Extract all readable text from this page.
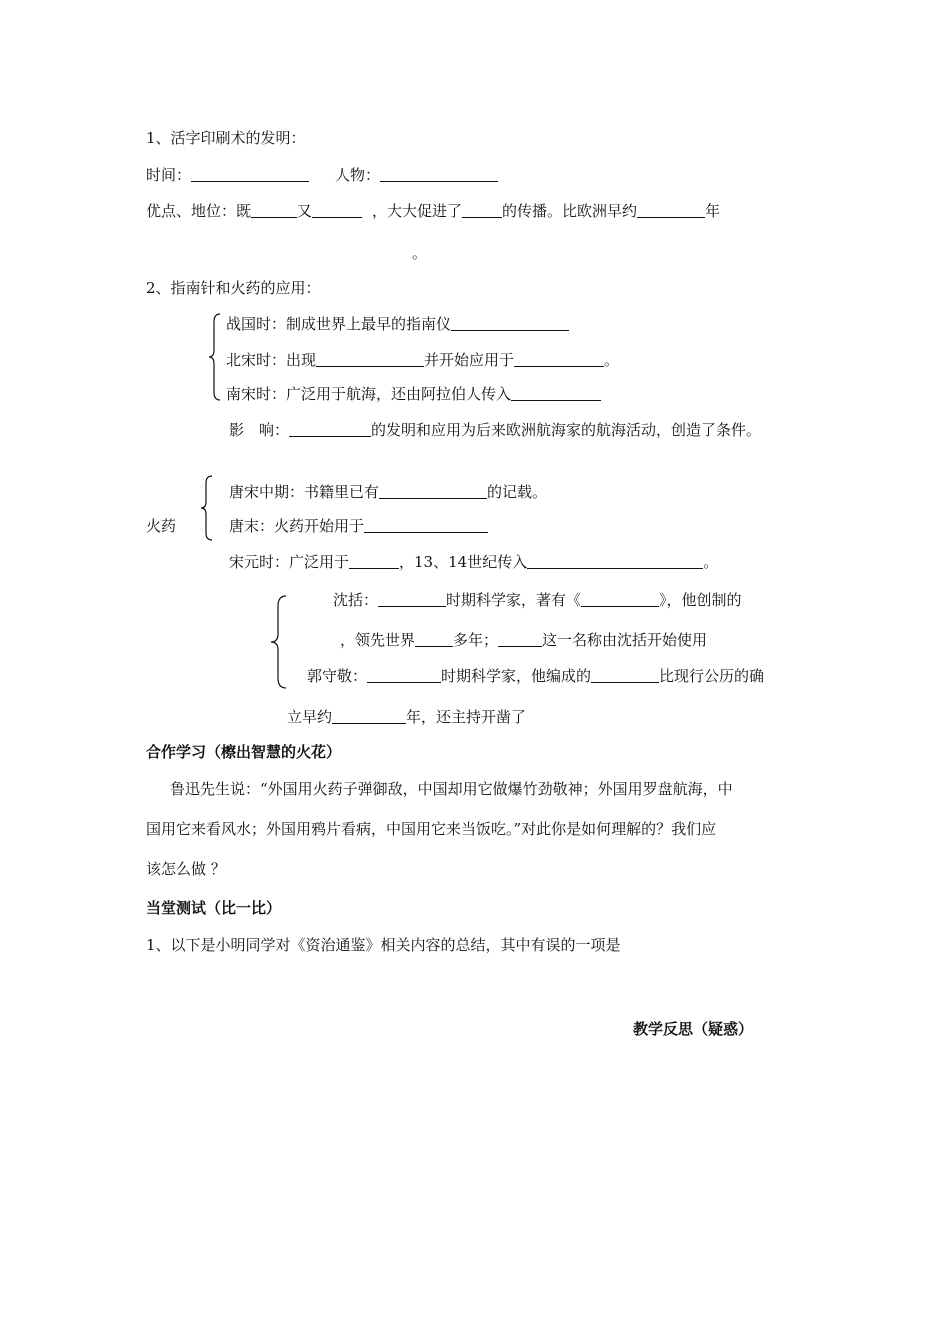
1、活字印刷术的发明：
时间：	人物：
优点、地位：既	又	，大大促进了	的传播。比欧洲早约	年
。
2、指南针和火药的应用：
战国时：制成世界上最早的指南仪
北宋时：出现	并开始应用于	。
南宋时：广泛用于航海，还由阿拉伯人传入
影　响：	的发明和应用为后来欧洲航海家的航海活动，创造了条件。
火药
唐宋中期：书籍里已有	的记载。
唐末：火药开始用于
宋元时：广泛用于	，13、14世纪传入	。
沈括：	时期科学家，著有《	》，他创制的
，领先世界	多年；	这一名称由沈括开始使用
郭守敬：	时期科学家，他编成的	比现行公历的确
立早约	年，还主持开凿了
合作学习（檫出智慧的火花）
鲁迅先生说：“外国用火药子弹御敌，中国却用它做爆竹劲敬神；外国用罗盘航海，中
国用它来看风水；外国用鸦片看病，中国用它来当饭吃。”对此你是如何理解的？我们应
该怎么做 ？
当堂测试（比一比）
1、以下是小明同学对《资治通鉴》相关内容的总结，其中有误的一项是
教学反思（疑惑）
